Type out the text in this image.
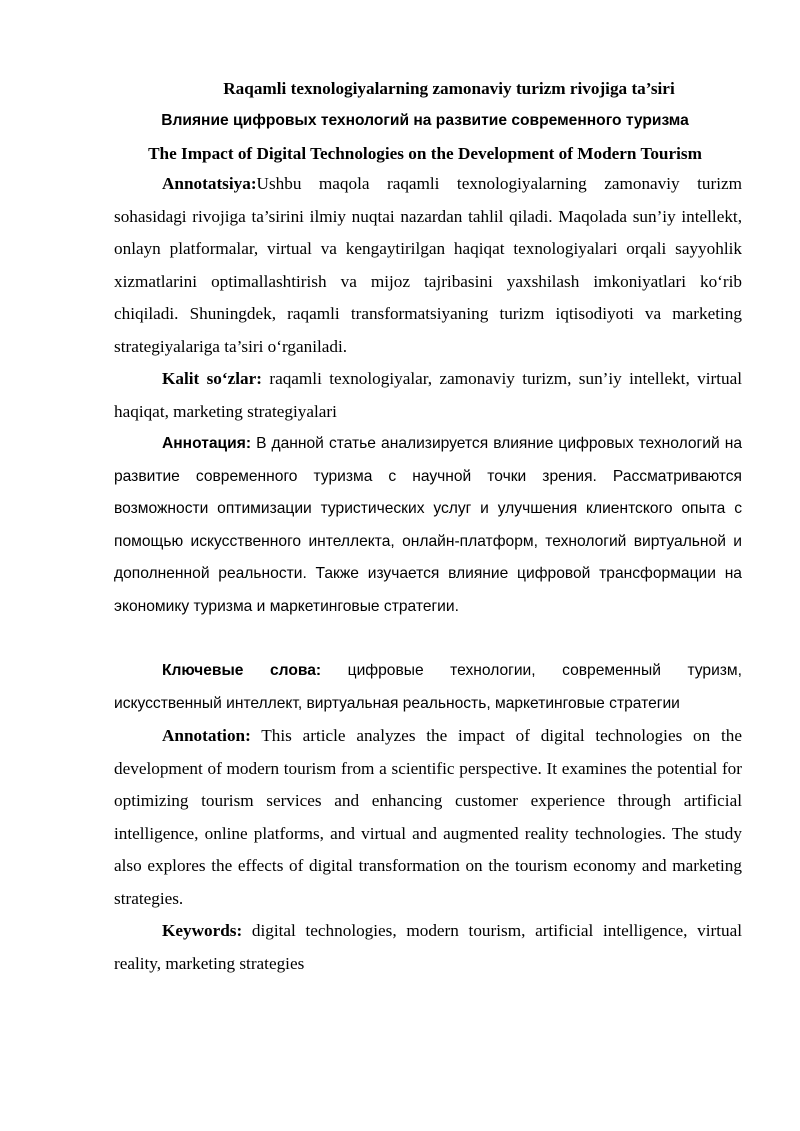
Raqamli texnologiyalarning zamonaviy turizm rivojiga ta’siri
Влияние цифровых технологий на развитие современного туризма
The Impact of Digital Technologies on the Development of Modern Tourism

Annotatsiya:Ushbu maqola raqamli texnologiyalarning zamonaviy turizm sohasidagi rivojiga ta’sirini ilmiy nuqtai nazardan tahlil qiladi. Maqolada sun’iy intellekt, onlayn platformalar, virtual va kengaytirilgan haqiqat texnologiyalari orqali sayyohlik xizmatlarini optimallashtirish va mijoz tajribasini yaxshilash imkoniyatlari ko‘rib chiqiladi. Shuningdek, raqamli transformatsiyaning turizm iqtisodiyoti va marketing strategiyalariga ta’siri o‘rganiladi.

Kalit so‘zlar: raqamli texnologiyalar, zamonaviy turizm, sun’iy intellekt, virtual haqiqat, marketing strategiyalari

Аннотация: В данной статье анализируется влияние цифровых технологий на развитие современного туризма с научной точки зрения. Рассматриваются возможности оптимизации туристических услуг и улучшения клиентского опыта с помощью искусственного интеллекта, онлайн-платформ, технологий виртуальной и дополненной реальности. Также изучается влияние цифровой трансформации на экономику туризма и маркетинговые стратегии.

Ключевые слова: цифровые технологии, современный туризм, искусственный интеллект, виртуальная реальность, маркетинговые стратегии

Annotation: This article analyzes the impact of digital technologies on the development of modern tourism from a scientific perspective. It examines the potential for optimizing tourism services and enhancing customer experience through artificial intelligence, online platforms, and virtual and augmented reality technologies. The study also explores the effects of digital transformation on the tourism economy and marketing strategies.

Keywords: digital technologies, modern tourism, artificial intelligence, virtual reality, marketing strategies
